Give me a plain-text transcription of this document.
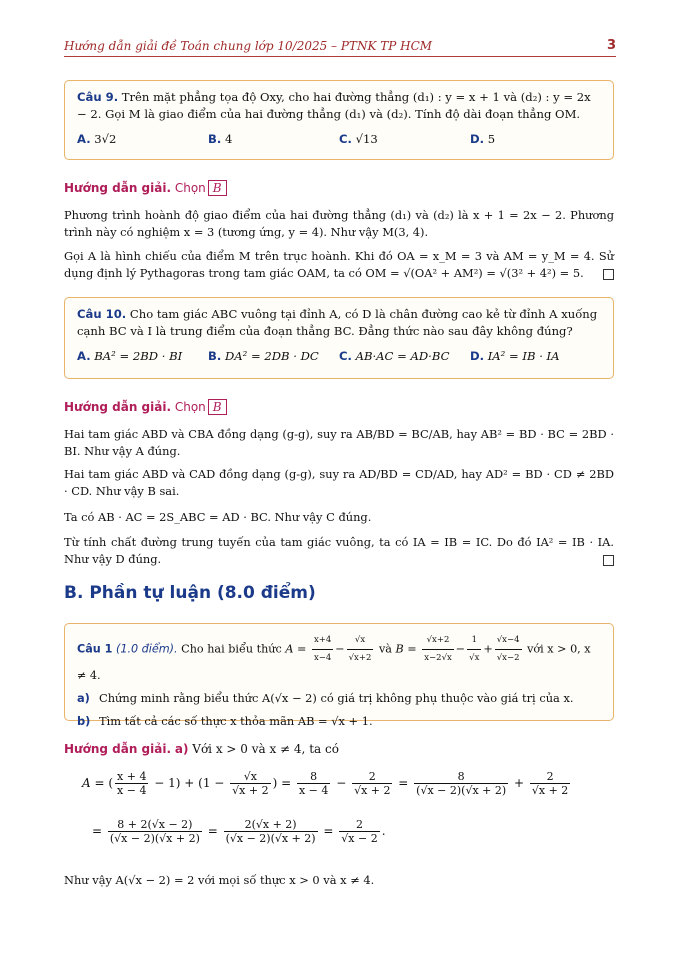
Hướng dẫn giải đề Toán chung lớp 10/2025 – PTNK TP HCM	3
Câu 9. Trên mặt phẳng tọa độ Oxy, cho hai đường thẳng (d₁) : y = x + 1 và (d₂) : y = 2x − 2. Gọi M là giao điểm của hai đường thẳng (d₁) và (d₂). Tính độ dài đoạn thẳng OM.
A. 3√2	B. 4	C. √13	D. 5
Hướng dẫn giải. Chọn B
Phương trình hoành độ giao điểm của hai đường thẳng (d₁) và (d₂) là x + 1 = 2x − 2. Phương trình này có nghiệm x = 3 (tương ứng, y = 4). Như vậy M(3, 4).
Gọi A là hình chiếu của điểm M trên trục hoành. Khi đó OA = x_M = 3 và AM = y_M = 4. Sử dụng định lý Pythagoras trong tam giác OAM, ta có OM = √(OA² + AM²) = √(3² + 4²) = 5.
Câu 10. Cho tam giác ABC vuông tại đỉnh A, có D là chân đường cao kẻ từ đỉnh A xuống cạnh BC và I là trung điểm của đoạn thẳng BC. Đẳng thức nào sau đây không đúng?
A. BA² = 2BD · BI	B. DA² = 2DB · DC	C. AB·AC = AD·BC	D. IA² = IB · IA
Hướng dẫn giải. Chọn B
Hai tam giác ABD và CBA đồng dạng (g-g), suy ra AB/BD = BC/AB, hay AB² = BD · BC = 2BD · BI. Như vậy A đúng.
Hai tam giác ABD và CAD đồng dạng (g-g), suy ra AD/BD = CD/AD, hay AD² = BD · CD ≠ 2BD · CD. Như vậy B sai.
Ta có AB · AC = 2S_ABC = AD · BC. Như vậy C đúng.
Từ tính chất đường trung tuyến của tam giác vuông, ta có IA = IB = IC. Do đó IA² = IB · IA. Như vậy D đúng.
B. Phần tự luận (8.0 điểm)
Câu 1 (1.0 điểm). Cho hai biểu thức $A = \frac{x+4}{x-4} - \frac{√x}{√x+2}$ và $B = \frac{√x+2}{x-2√x} - \frac{1}{√x} + \frac{√x-4}{√x-2}$ với x > 0, x ≠ 4.
a) Chứng minh rằng biểu thức A(√x − 2) có giá trị không phụ thuộc vào giá trị của x.
b) Tìm tất cả các số thực x thỏa mãn AB = √x + 1.
Hướng dẫn giải. a) Với x > 0 và x ≠ 4, ta có
A = ( $\frac{x + 4}{x - 4} - 1) + (1 - \frac{√x}{√x + 2}$ ) = $\frac{8}{x - 4} - \frac{2}{√x + 2} = \frac{8}{(√x - 2)(√x + 2)} + \frac{2}{√x + 2}$
= $\frac{8 + 2(√x - 2)}{(√x - 2)(√x + 2)} = \frac{2(√x + 2)}{(√x - 2)(√x + 2)} = \frac{2}{√x - 2}$ .
Như vậy A(√x − 2) = 2 với mọi số thực x > 0 và x ≠ 4.
